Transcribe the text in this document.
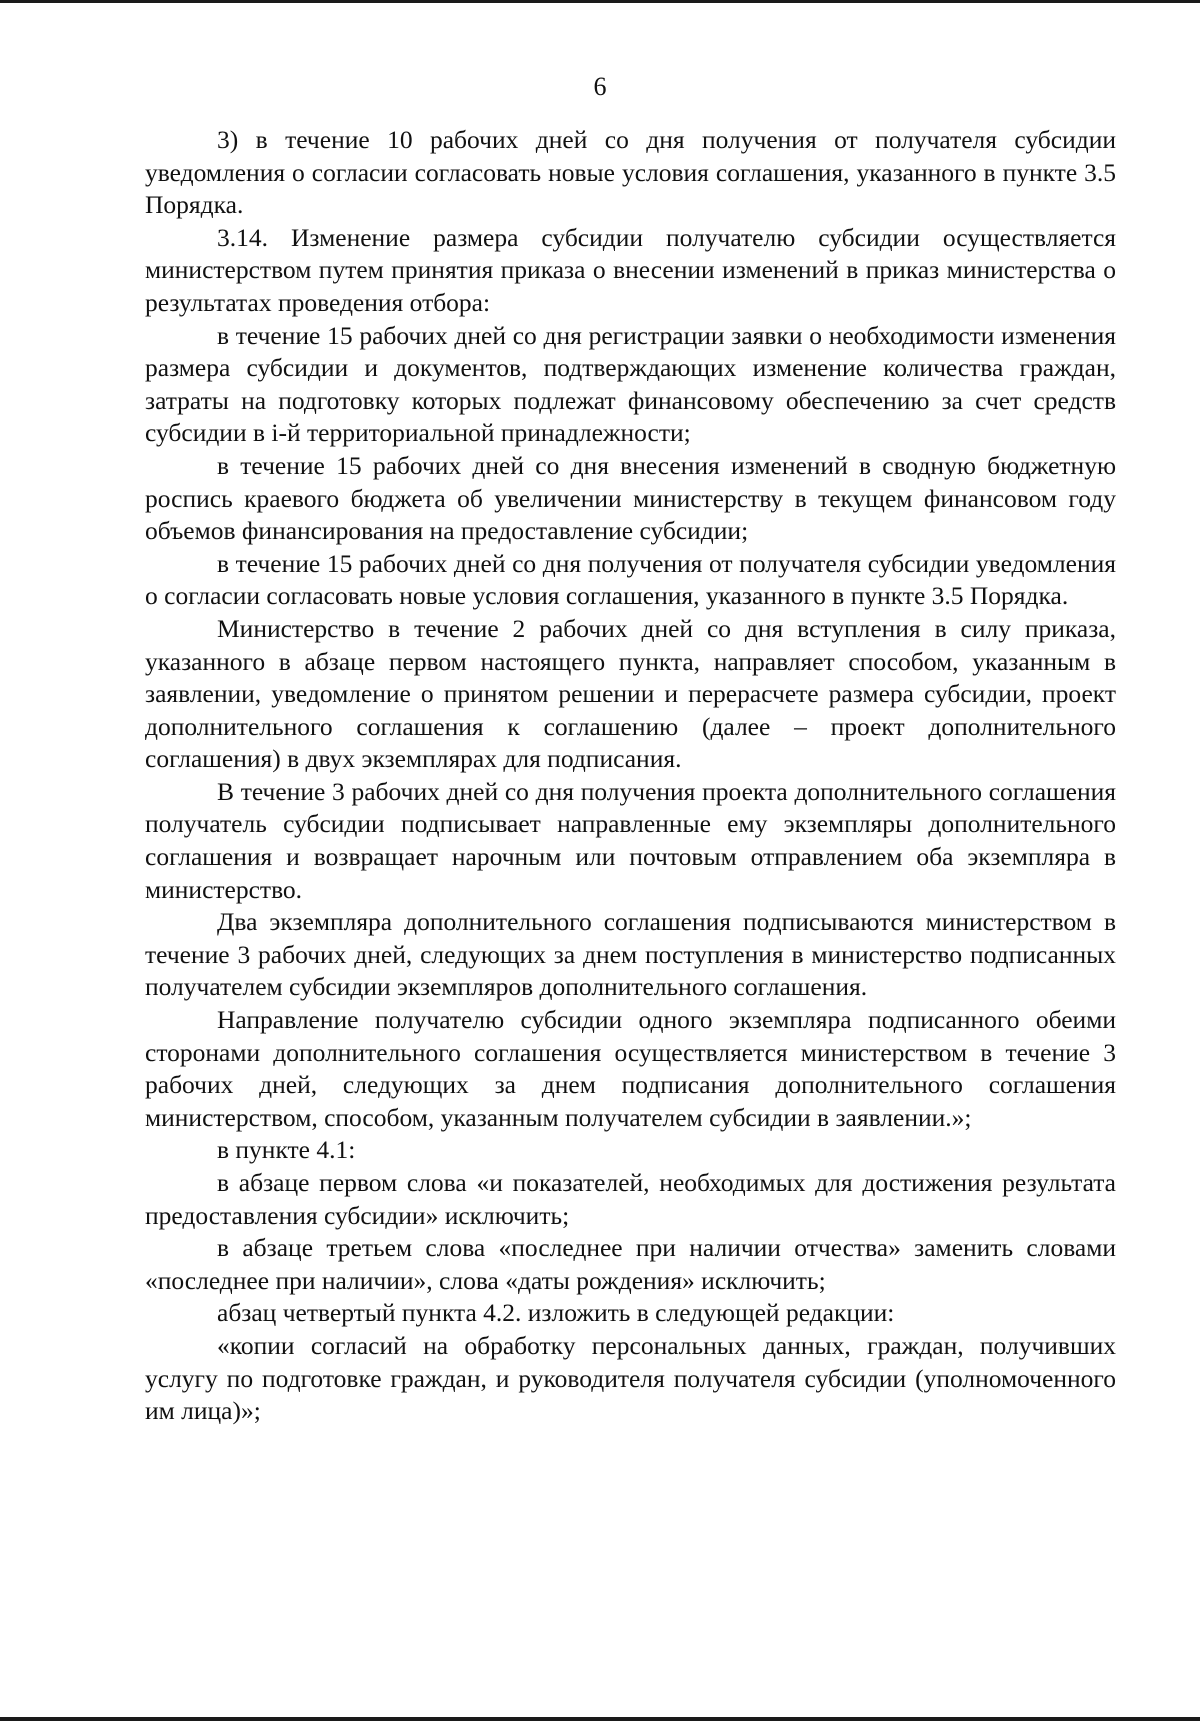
6

3) в течение 10 рабочих дней со дня получения от получателя субсидии уведомления о согласии согласовать новые условия соглашения, указанного в пункте 3.5 Порядка.

3.14. Изменение размера субсидии получателю субсидии осуществляется министерством путем принятия приказа о внесении изменений в приказ министерства о результатах проведения отбора:

в течение 15 рабочих дней со дня регистрации заявки о необходимости изменения размера субсидии и документов, подтверждающих изменение количества граждан, затраты на подготовку которых подлежат финансовому обеспечению за счет средств субсидии в i-й территориальной принадлежности;

в течение 15 рабочих дней со дня внесения изменений в сводную бюджетную роспись краевого бюджета об увеличении министерству в текущем финансовом году объемов финансирования на предоставление субсидии;

в течение 15 рабочих дней со дня получения от получателя субсидии уведомления о согласии согласовать новые условия соглашения, указанного в пункте 3.5 Порядка.

Министерство в течение 2 рабочих дней со дня вступления в силу приказа, указанного в абзаце первом настоящего пункта, направляет способом, указанным в заявлении, уведомление о принятом решении и перерасчете размера субсидии, проект дополнительного соглашения к соглашению (далее – проект дополнительного соглашения) в двух экземплярах для подписания.

В течение 3 рабочих дней со дня получения проекта дополнительного соглашения получатель субсидии подписывает направленные ему экземпляры дополнительного соглашения и возвращает нарочным или почтовым отправлением оба экземпляра в министерство.

Два экземпляра дополнительного соглашения подписываются министерством в течение 3 рабочих дней, следующих за днем поступления в министерство подписанных получателем субсидии экземпляров дополнительного соглашения.

Направление получателю субсидии одного экземпляра подписанного обеими сторонами дополнительного соглашения осуществляется министерством в течение 3 рабочих дней, следующих за днем подписания дополнительного соглашения министерством, способом, указанным получателем субсидии в заявлении.»;

в пункте 4.1:

в абзаце первом слова «и показателей, необходимых для достижения результата предоставления субсидии» исключить;

в абзаце третьем слова «последнее при наличии отчества» заменить словами «последнее при наличии», слова «даты рождения» исключить;

абзац четвертый пункта 4.2. изложить в следующей редакции:

«копии согласий на обработку персональных данных, граждан, получивших услугу по подготовке граждан, и руководителя получателя субсидии (уполномоченного им лица)»;
